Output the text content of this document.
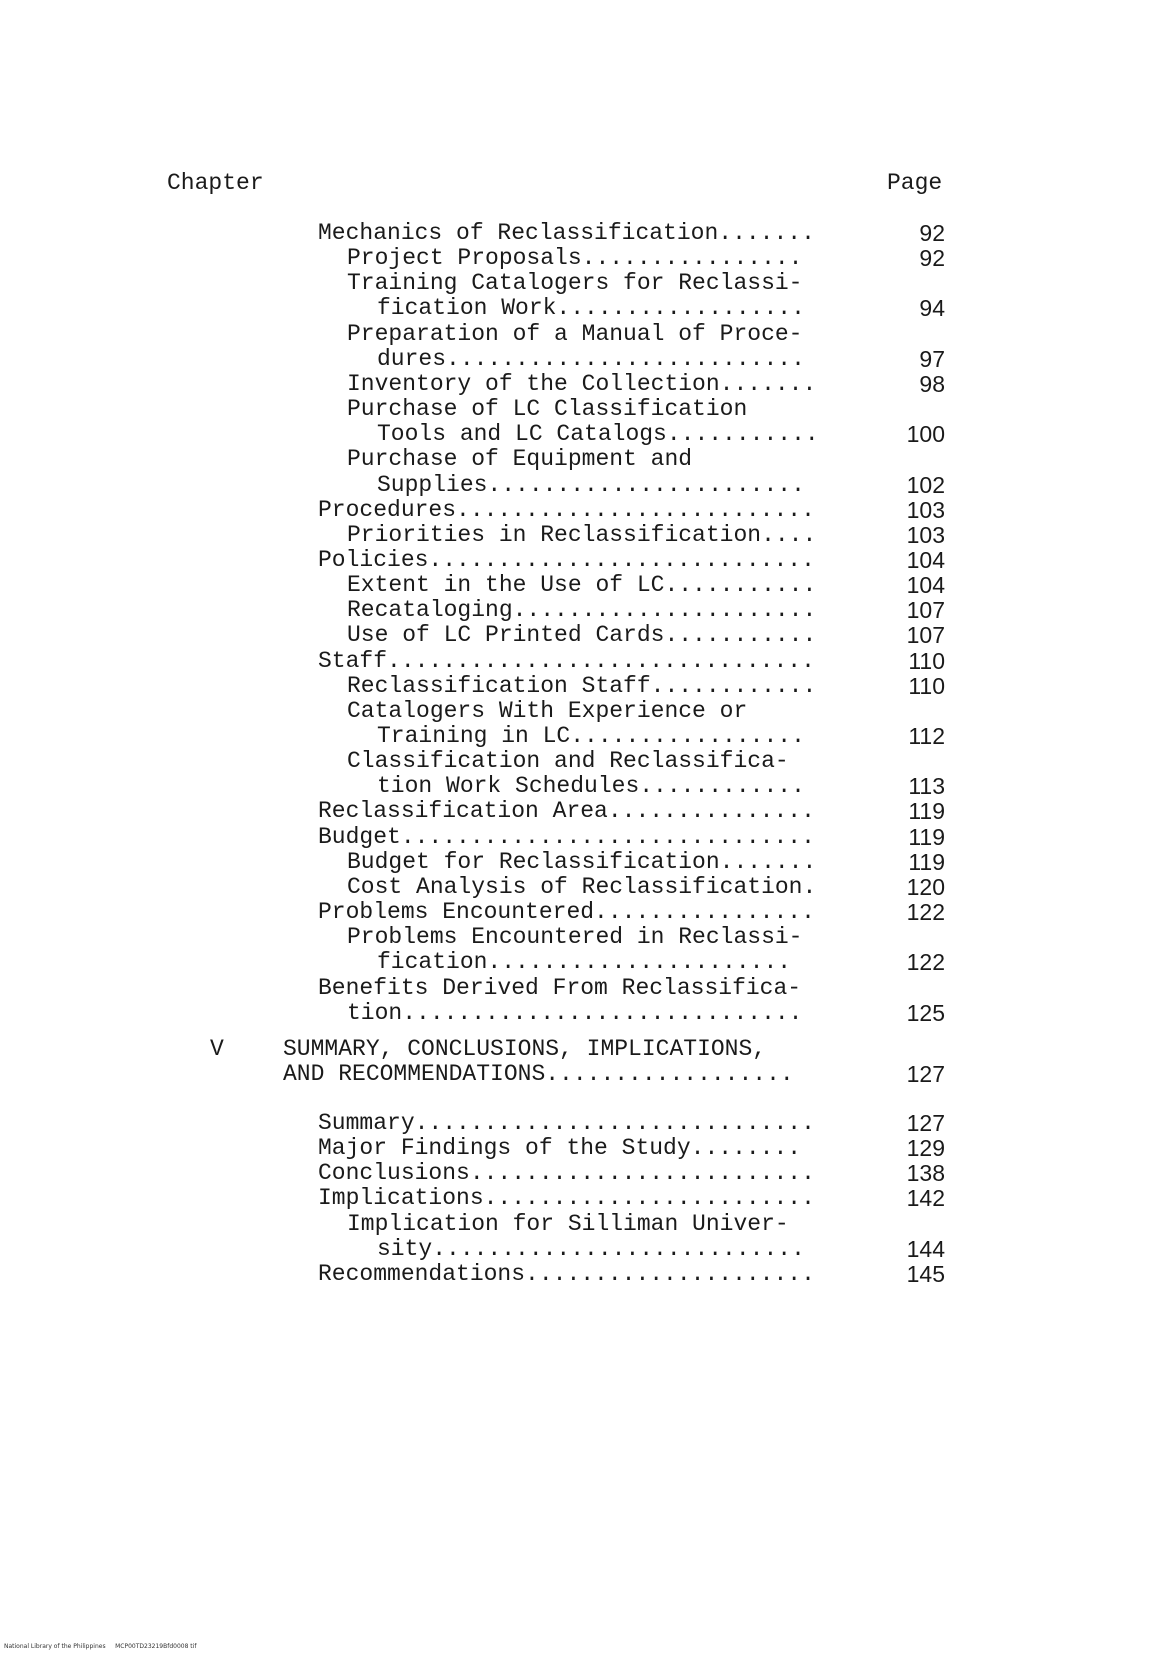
Chapter	Page
Mechanics of Reclassification.......	92
Project Proposals................	92
Training Catalogers for Reclassi-
fication Work..................	94
Preparation of a Manual of Proce-
dures..........................	97
Inventory of the Collection.......	98
Purchase of LC Classification
Tools and LC Catalogs...........	100
Purchase of Equipment and
Supplies.......................	102
Procedures..........................	103
Priorities in Reclassification....	103
Policies............................	104
Extent in the Use of LC...........	104
Recataloging......................	107
Use of LC Printed Cards...........	107
Staff...............................	110
Reclassification Staff............	110
Catalogers With Experience or
Training in LC.................	112
Classification and Reclassifica-
tion Work Schedules............	113
Reclassification Area...............	119
Budget..............................	119
Budget for Reclassification.......	119
Cost Analysis of Reclassification.	120
Problems Encountered................	122
Problems Encountered in Reclassi-
fication......................	122
Benefits Derived From Reclassifica-
tion.............................	125
V	SUMMARY, CONCLUSIONS, IMPLICATIONS,
AND RECOMMENDATIONS..................	127
Summary.............................	127
Major Findings of the Study........	129
Conclusions.........................	138
Implications........................	142
Implication for Silliman Univer-
sity...........................	144
Recommendations.....................	145
National Library of the Philippines     MCP00TD23219Bfd0008 tif
